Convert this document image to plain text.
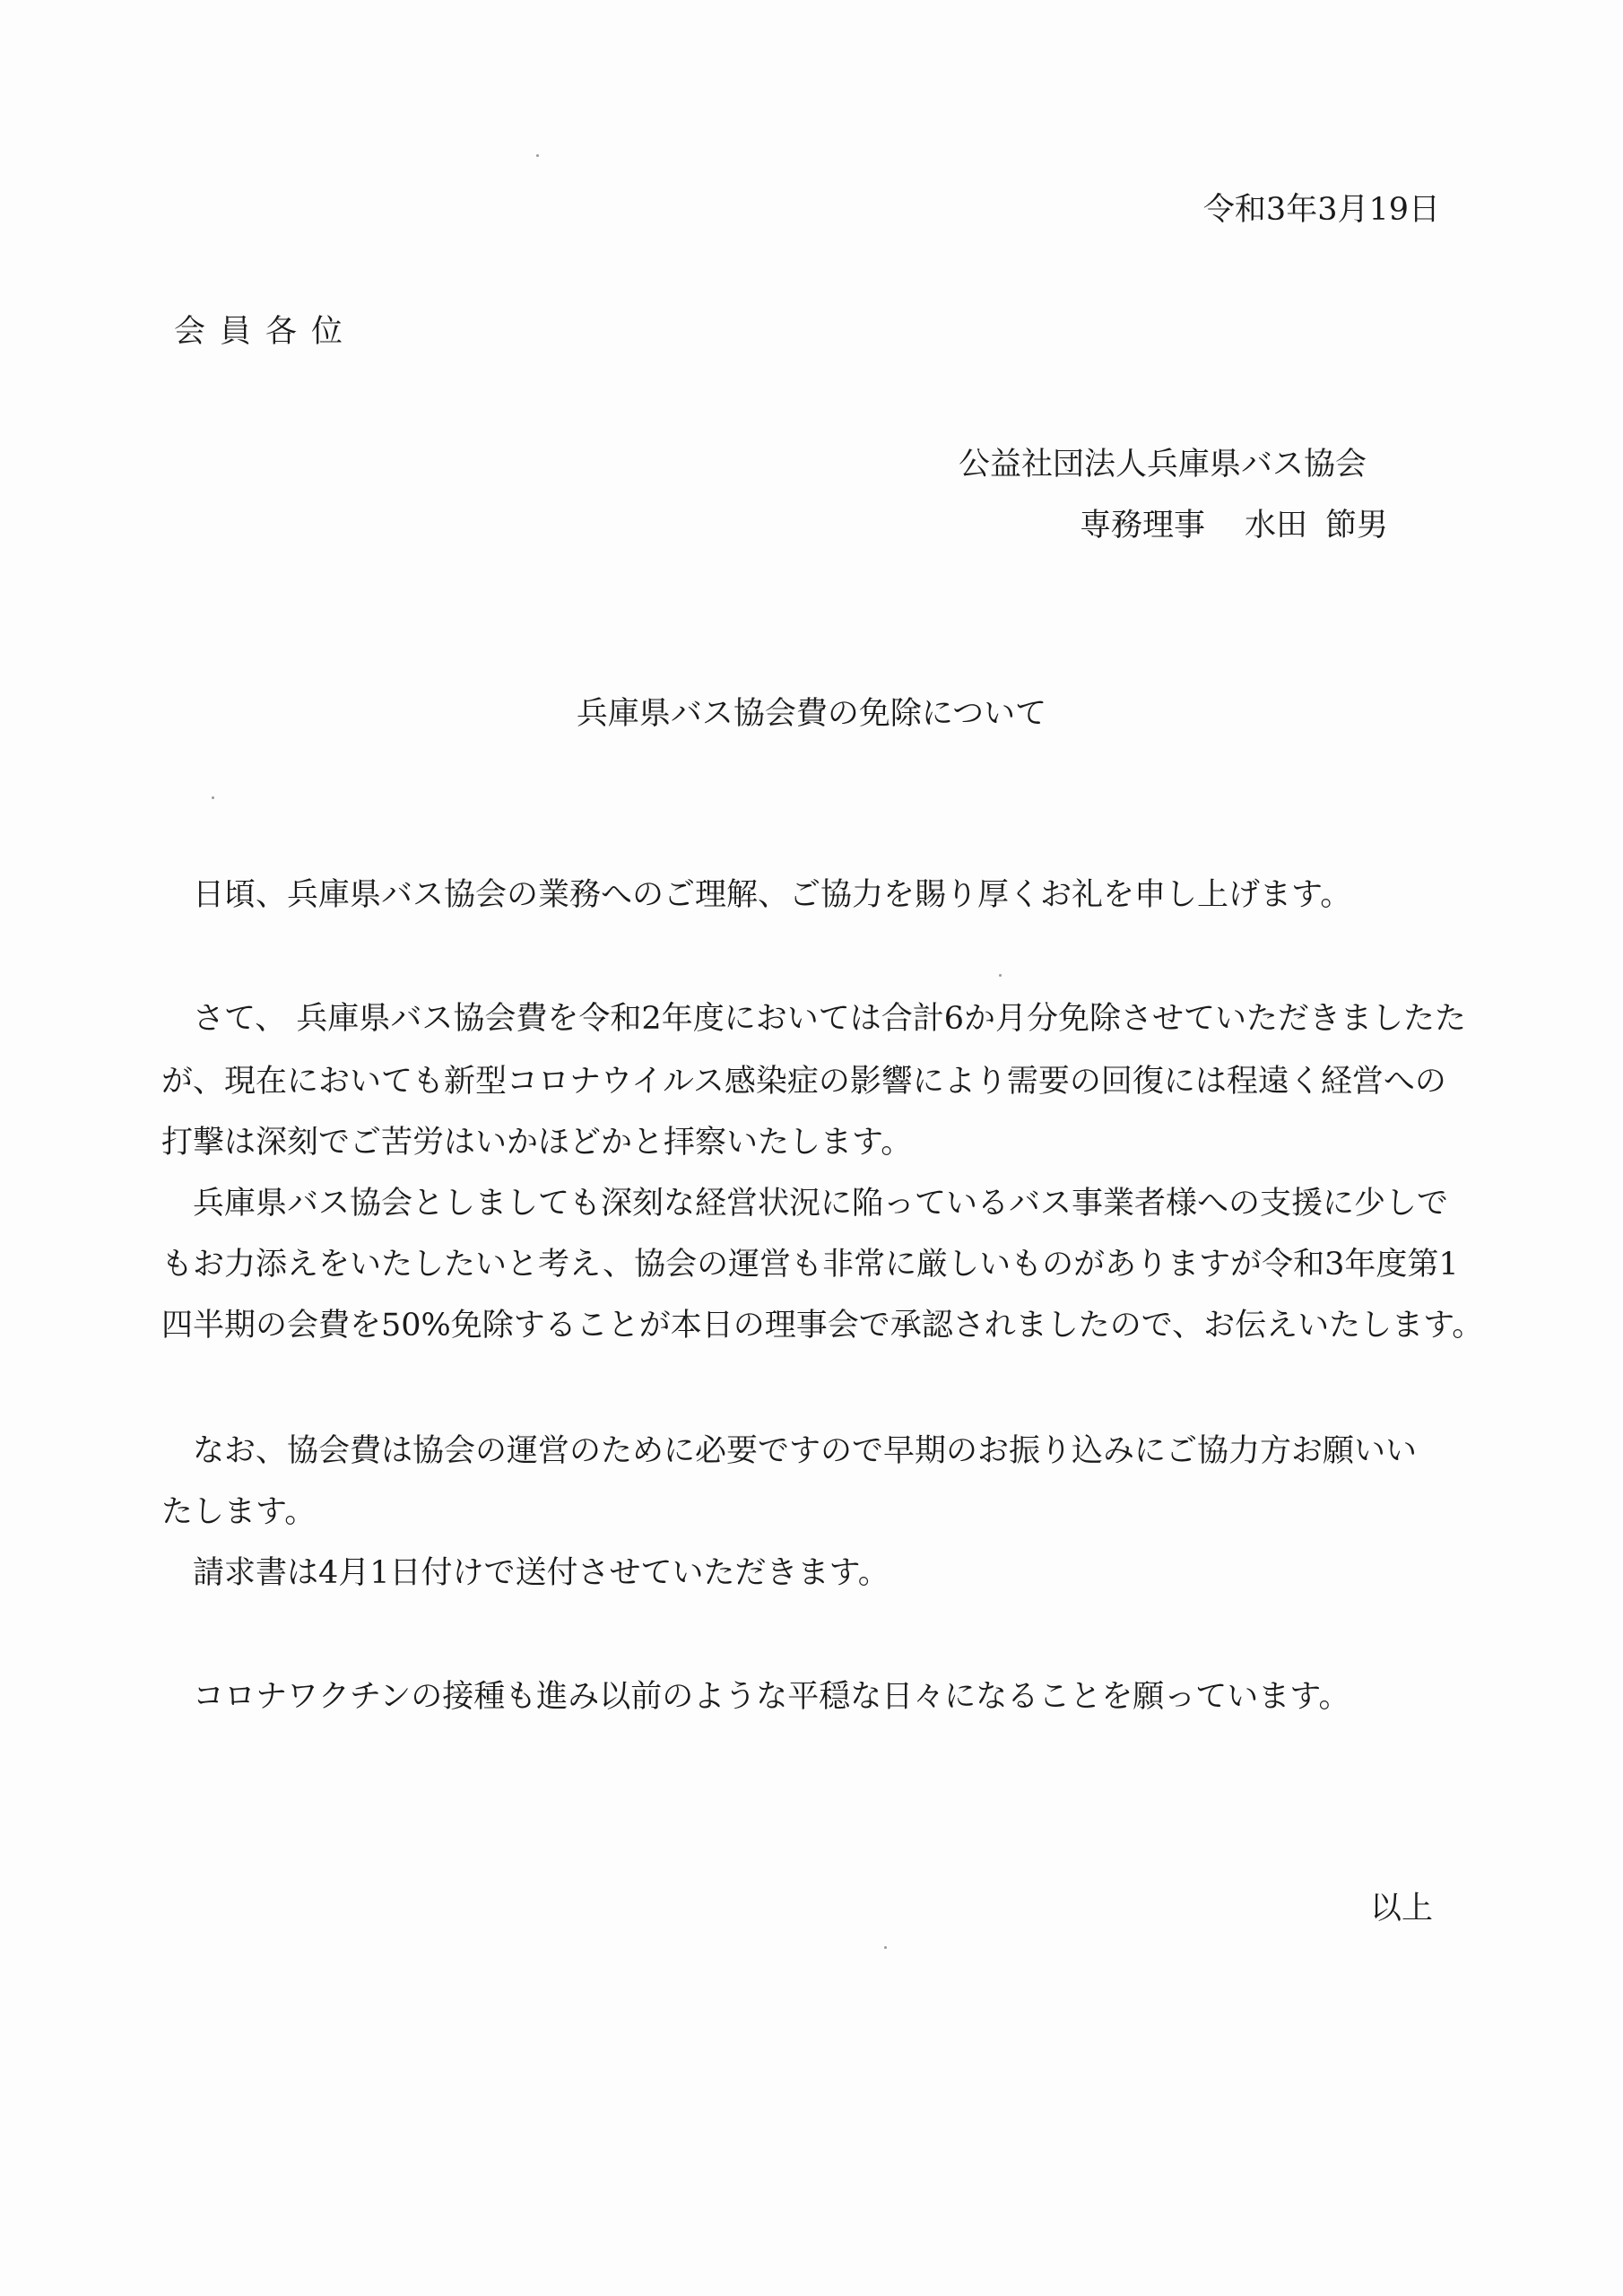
令和3年3月19日
会員各位
公益社団法人兵庫県バス協会
専務理事 水田 節男
兵庫県バス協会費の免除について
日頃、兵庫県バス協会の業務へのご理解、ご協力を賜り厚くお礼を申し上げます。
さて、 兵庫県バス協会費を令和2年度においては合計6か月分免除させていただきましたた
が、現在においても新型コロナウイルス感染症の影響により需要の回復には程遠く経営への
打撃は深刻でご苦労はいかほどかと拝察いたします。
兵庫県バス協会としましても深刻な経営状況に陥っているバス事業者様への支援に少しで
もお力添えをいたしたいと考え、協会の運営も非常に厳しいものがありますが令和3年度第1
四半期の会費を50%免除することが本日の理事会で承認されましたので、お伝えいたします。
なお、協会費は協会の運営のために必要ですので早期のお振り込みにご協力方お願いい
たします。
請求書は4月1日付けで送付させていただきます。
コロナワクチンの接種も進み以前のような平穏な日々になることを願っています。
以上
